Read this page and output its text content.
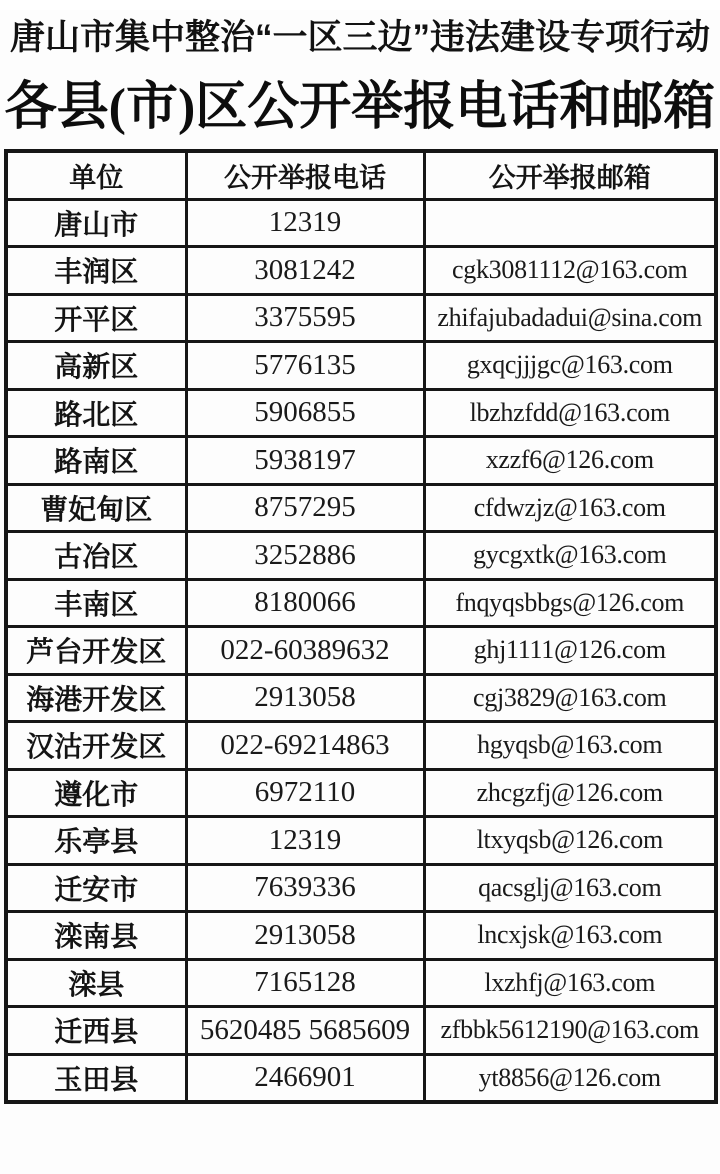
唐山市集中整治“一区三边”违法建设专项行动
各县(市)区公开举报电话和邮箱
单位	公开举报电话	公开举报邮箱
唐山市	12319	
丰润区	3081242	cgk3081112@163.com
开平区	3375595	zhifajubadadui@sina.com
高新区	5776135	gxqcjjjgc@163.com
路北区	5906855	lbzhzfdd@163.com
路南区	5938197	xzzf6@126.com
曹妃甸区	8757295	cfdwzjz@163.com
古冶区	3252886	gycgxtk@163.com
丰南区	8180066	fnqyqsbbgs@126.com
芦台开发区	022-60389632	ghj1111@126.com
海港开发区	2913058	cgj3829@163.com
汉沽开发区	022-69214863	hgyqsb@163.com
遵化市	6972110	zhcgzfj@126.com
乐亭县	12319	ltxyqsb@126.com
迁安市	7639336	qacsglj@163.com
滦南县	2913058	lncxjsk@163.com
滦县	7165128	lxzhfj@163.com
迁西县	5620485 5685609	zfbbk5612190@163.com
玉田县	2466901	yt8856@126.com
